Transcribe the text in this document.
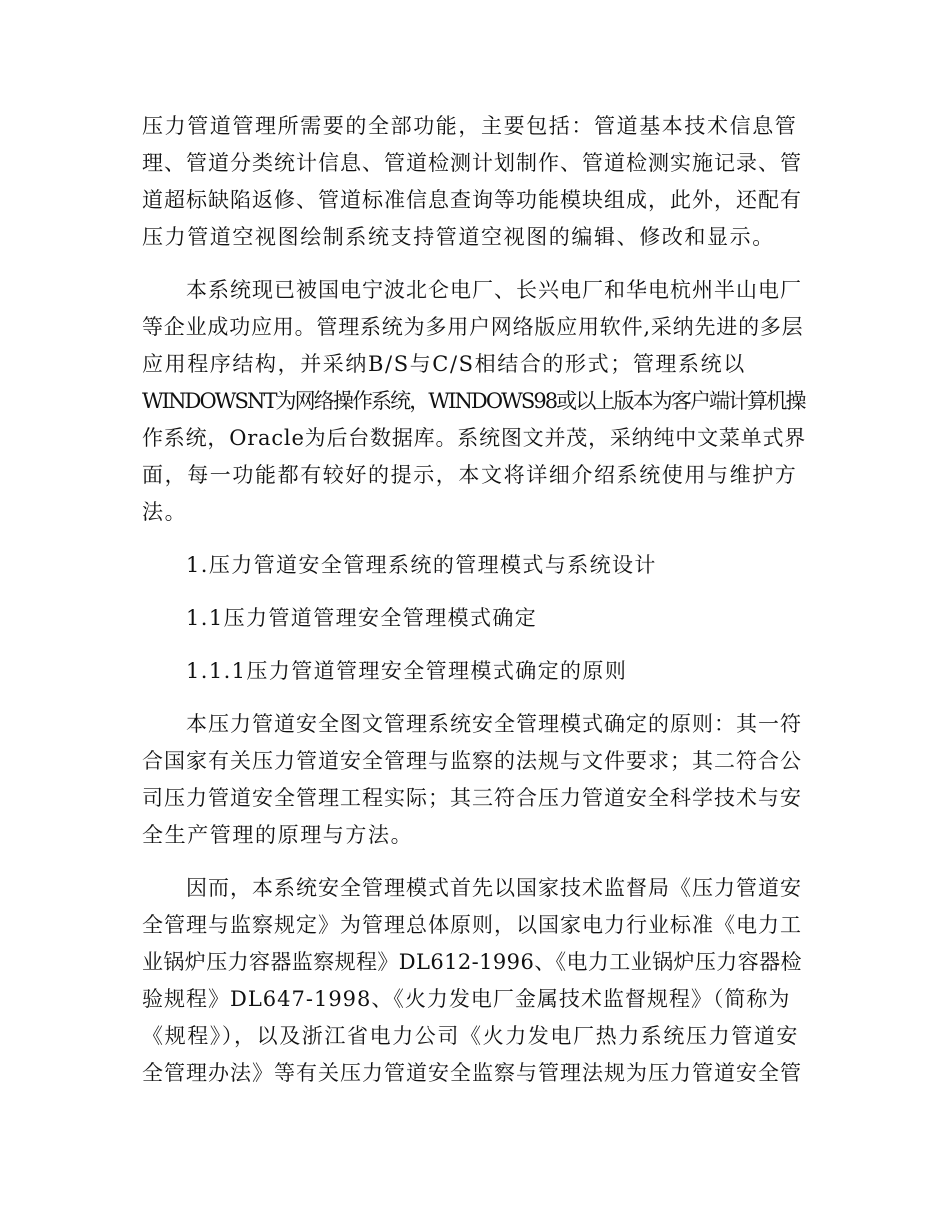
压力管道管理所需要的全部功能，主要包括：管道基本技术信息管
理、管道分类统计信息、管道检测计划制作、管道检测实施记录、管
道超标缺陷返修、管道标准信息查询等功能模块组成，此外，还配有
压力管道空视图绘制系统支持管道空视图的编辑、修改和显示。
本系统现已被国电宁波北仑电厂、长兴电厂和华电杭州半山电厂
等企业成功应用。管理系统为多用户网络版应用软件,采纳先进的多层
应用程序结构，并采纳B/S与C/S相结合的形式；管理系统以
WINDOWSNT为网络操作系统，WINDOWS98或以上版本为客户端计算机操
作系统，Oracle为后台数据库。系统图文并茂，采纳纯中文菜单式界
面，每一功能都有较好的提示，本文将详细介绍系统使用与维护方
法。
1.压力管道安全管理系统的管理模式与系统设计
1.1压力管道管理安全管理模式确定
1.1.1压力管道管理安全管理模式确定的原则
本压力管道安全图文管理系统安全管理模式确定的原则：其一符
合国家有关压力管道安全管理与监察的法规与文件要求；其二符合公
司压力管道安全管理工程实际；其三符合压力管道安全科学技术与安
全生产管理的原理与方法。
因而，本系统安全管理模式首先以国家技术监督局《压力管道安
全管理与监察规定》为管理总体原则，以国家电力行业标准《电力工
业锅炉压力容器监察规程》DL612-1996、《电力工业锅炉压力容器检
验规程》DL647-1998、《火力发电厂金属技术监督规程》（简称为
《规程》），以及浙江省电力公司《火力发电厂热力系统压力管道安
全管理办法》等有关压力管道安全监察与管理法规为压力管道安全管
